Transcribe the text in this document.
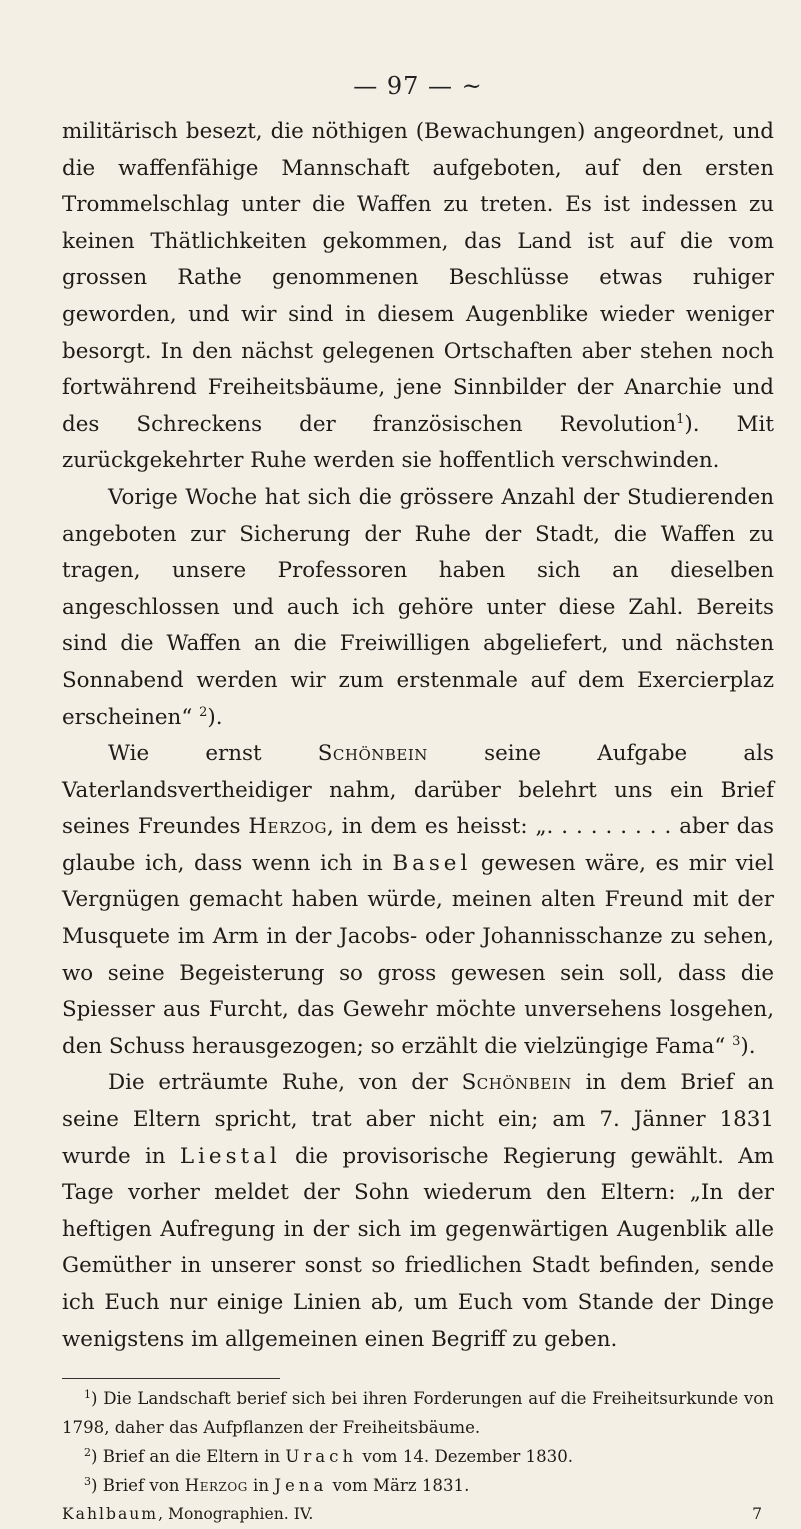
— 97 — ~

militärisch besezt, die nöthigen (Bewachungen) angeordnet, und die waffenfähige Mannschaft aufgeboten, auf den ersten Trommelschlag unter die Waffen zu treten. Es ist indessen zu keinen Thätlichkeiten gekommen, das Land ist auf die vom grossen Rathe genommenen Beschlüsse etwas ruhiger geworden, und wir sind in diesem Augenblike wieder weniger besorgt. In den nächst gelegenen Ortschaften aber stehen noch fortwährend Freiheitsbäume, jene Sinnbilder der Anarchie und des Schreckens der französischen Revolution$^1$). Mit zurückgekehrter Ruhe werden sie hoffentlich verschwinden.

Vorige Woche hat sich die grössere Anzahl der Studierenden angeboten zur Sicherung der Ruhe der Stadt, die Waffen zu tragen, unsere Professoren haben sich an dieselben angeschlossen und auch ich gehöre unter diese Zahl. Bereits sind die Waffen an die Freiwilligen abgeliefert, und nächsten Sonnabend werden wir zum erstenmale auf dem Exercierplaz erscheinen“ $^2$).

Wie ernst Schönbein seine Aufgabe als Vaterlandsvertheidiger nahm, darüber belehrt uns ein Brief seines Freundes Herzog, in dem es heisst: „. . . . . . . . . aber das glaube ich, dass wenn ich in Basel gewesen wäre, es mir viel Vergnügen gemacht haben würde, meinen alten Freund mit der Musquete im Arm in der Jacobs- oder Johannisschanze zu sehen, wo seine Begeisterung so gross gewesen sein soll, dass die Spiesser aus Furcht, das Gewehr möchte unversehens losgehen, den Schuss herausgezogen; so erzählt die vielzüngige Fama“ $^3$).

Die erträumte Ruhe, von der Schönbein in dem Brief an seine Eltern spricht, trat aber nicht ein; am 7. Jänner 1831 wurde in Liestal die provisorische Regierung gewählt. Am Tage vorher meldet der Sohn wiederum den Eltern: „In der heftigen Aufregung in der sich im gegenwärtigen Augenblik alle Gemüther in unserer sonst so friedlichen Stadt befinden, sende ich Euch nur einige Linien ab, um Euch vom Stande der Dinge wenigstens im allgemeinen einen Begriff zu geben.

$^1$) Die Landschaft berief sich bei ihren Forderungen auf die Freiheitsurkunde von 1798, daher das Aufpflanzen der Freiheitsbäume.

$^2$) Brief an die Eltern in Urach vom 14. Dezember 1830.

$^3$) Brief von Herzog in Jena vom März 1831.

Kahlbaum, Monographien. IV.	7
